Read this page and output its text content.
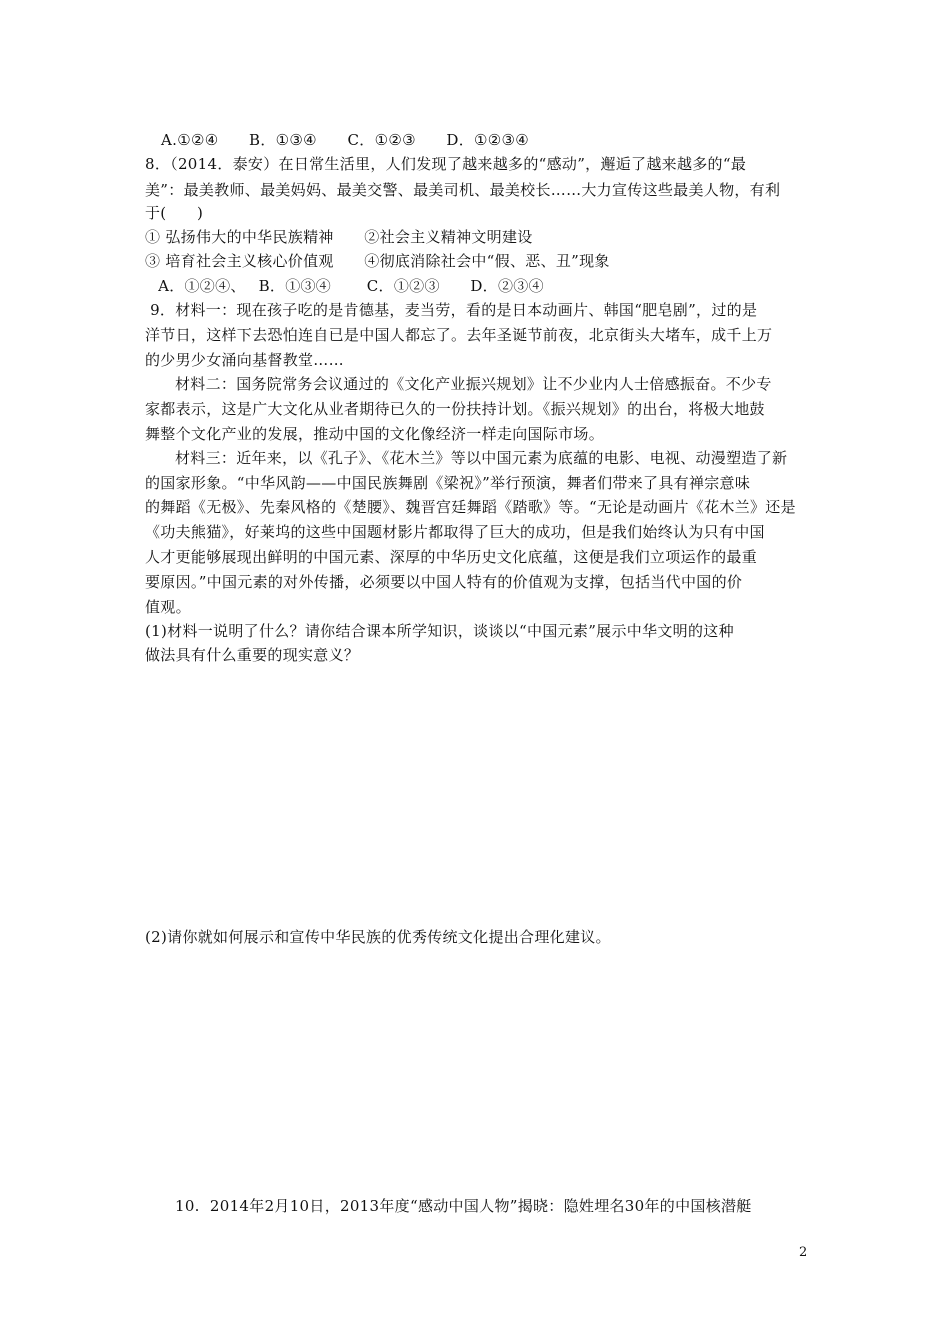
A.①②④　　B．①③④　　C．①②③　　D．①②③④
8．（2014．泰安）在日常生活里，人们发现了越来越多的“感动”，邂逅了越来越多的“最
美”：最美教师、最美妈妈、最美交警、最美司机、最美校长……大力宣传这些最美人物，有利
于(　　)
① 弘扬伟大的中华民族精神　　②社会主义精神文明建设
③ 培育社会主义核心价值观　　④彻底消除社会中“假、恶、丑”现象
A．①②④、　 B．①③④　　 C．①②③　　D．②③④
9．材料一：现在孩子吃的是肯德基，麦当劳，看的是日本动画片、韩国“肥皂剧”，过的是
洋节日，这样下去恐怕连自已是中国人都忘了。去年圣诞节前夜，北京街头大堵车，成千上万
的少男少女涌向基督教堂……
材料二：国务院常务会议通过的《文化产业振兴规划》让不少业内人士倍感振奋。不少专
家都表示，这是广大文化从业者期待已久的一份扶持计划。《振兴规划》的出台，将极大地鼓
舞整个文化产业的发展，推动中国的文化像经济一样走向国际市场。
材料三：近年来，以《孔子》、《花木兰》等以中国元素为底蕴的电影、电视、动漫塑造了新
的国家形象。“中华风韵——中国民族舞剧《梁祝》”举行预演，舞者们带来了具有禅宗意味
的舞蹈《无极》、先秦风格的《楚腰》、魏晋宫廷舞蹈《踏歌》等。“无论是动画片《花木兰》还是
《功夫熊猫》，好莱坞的这些中国题材影片都取得了巨大的成功，但是我们始终认为只有中国
人才更能够展现出鲜明的中国元素、深厚的中华历史文化底蕴，这便是我们立项运作的最重
要原因。”中国元素的对外传播，必须要以中国人特有的价值观为支撑，包括当代中国的价
值观。
(1)材料一说明了什么？请你结合课本所学知识，谈谈以“中国元素”展示中华文明的这种
做法具有什么重要的现实意义？
(2)请你就如何展示和宣传中华民族的优秀传统文化提出合理化建议。
10.  2014年2月10日，2013年度“感动中国人物”揭晓：隐姓埋名30年的中国核潜艇
2
